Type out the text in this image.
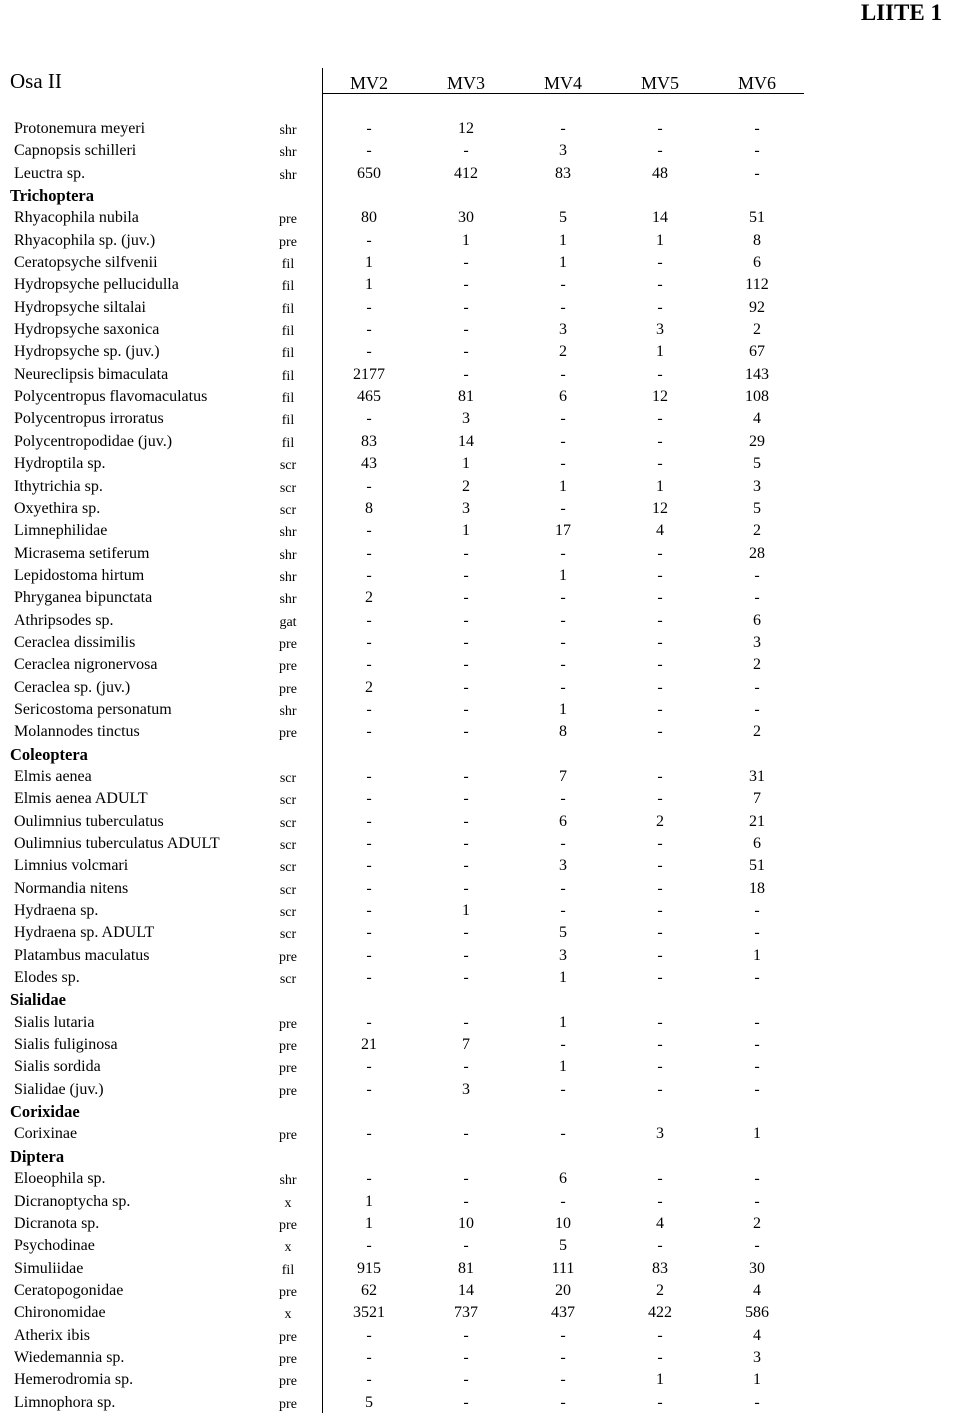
LIITE 1
Osa II	MV2	MV3	MV4	MV5	MV6
Protonemura meyeri	shr	-	12	-	-	-
Capnopsis schilleri	shr	-	-	3	-	-
Leuctra sp.	shr	650	412	83	48	-
Trichoptera
Rhyacophila nubila	pre	80	30	5	14	51
Rhyacophila sp. (juv.)	pre	-	1	1	1	8
Ceratopsyche silfvenii	fil	1	-	1	-	6
Hydropsyche pellucidulla	fil	1	-	-	-	112
Hydropsyche siltalai	fil	-	-	-	-	92
Hydropsyche saxonica	fil	-	-	3	3	2
Hydropsyche sp. (juv.)	fil	-	-	2	1	67
Neureclipsis bimaculata	fil	2177	-	-	-	143
Polycentropus flavomaculatus	fil	465	81	6	12	108
Polycentropus irroratus	fil	-	3	-	-	4
Polycentropodidae (juv.)	fil	83	14	-	-	29
Hydroptila sp.	scr	43	1	-	-	5
Ithytrichia sp.	scr	-	2	1	1	3
Oxyethira sp.	scr	8	3	-	12	5
Limnephilidae	shr	-	1	17	4	2
Micrasema setiferum	shr	-	-	-	-	28
Lepidostoma hirtum	shr	-	-	1	-	-
Phryganea bipunctata	shr	2	-	-	-	-
Athripsodes sp.	gat	-	-	-	-	6
Ceraclea dissimilis	pre	-	-	-	-	3
Ceraclea nigronervosa	pre	-	-	-	-	2
Ceraclea sp. (juv.)	pre	2	-	-	-	-
Sericostoma personatum	shr	-	-	1	-	-
Molannodes tinctus	pre	-	-	8	-	2
Coleoptera
Elmis aenea	scr	-	-	7	-	31
Elmis aenea ADULT	scr	-	-	-	-	7
Oulimnius tuberculatus	scr	-	-	6	2	21
Oulimnius tuberculatus ADULT	scr	-	-	-	-	6
Limnius volcmari	scr	-	-	3	-	51
Normandia nitens	scr	-	-	-	-	18
Hydraena sp.	scr	-	1	-	-	-
Hydraena sp. ADULT	scr	-	-	5	-	-
Platambus maculatus	pre	-	-	3	-	1
Elodes sp.	scr	-	-	1	-	-
Sialidae
Sialis lutaria	pre	-	-	1	-	-
Sialis fuliginosa	pre	21	7	-	-	-
Sialis sordida	pre	-	-	1	-	-
Sialidae (juv.)	pre	-	3	-	-	-
Corixidae
Corixinae	pre	-	-	-	3	1
Diptera
Eloeophila sp.	shr	-	-	6	-	-
Dicranoptycha sp.	x	1	-	-	-	-
Dicranota sp.	pre	1	10	10	4	2
Psychodinae	x	-	-	5	-	-
Simuliidae	fil	915	81	111	83	30
Ceratopogonidae	pre	62	14	20	2	4
Chironomidae	x	3521	737	437	422	586
Atherix ibis	pre	-	-	-	-	4
Wiedemannia sp.	pre	-	-	-	-	3
Hemerodromia sp.	pre	-	-	-	1	1
Limnophora sp.	pre	5	-	-	-	-
